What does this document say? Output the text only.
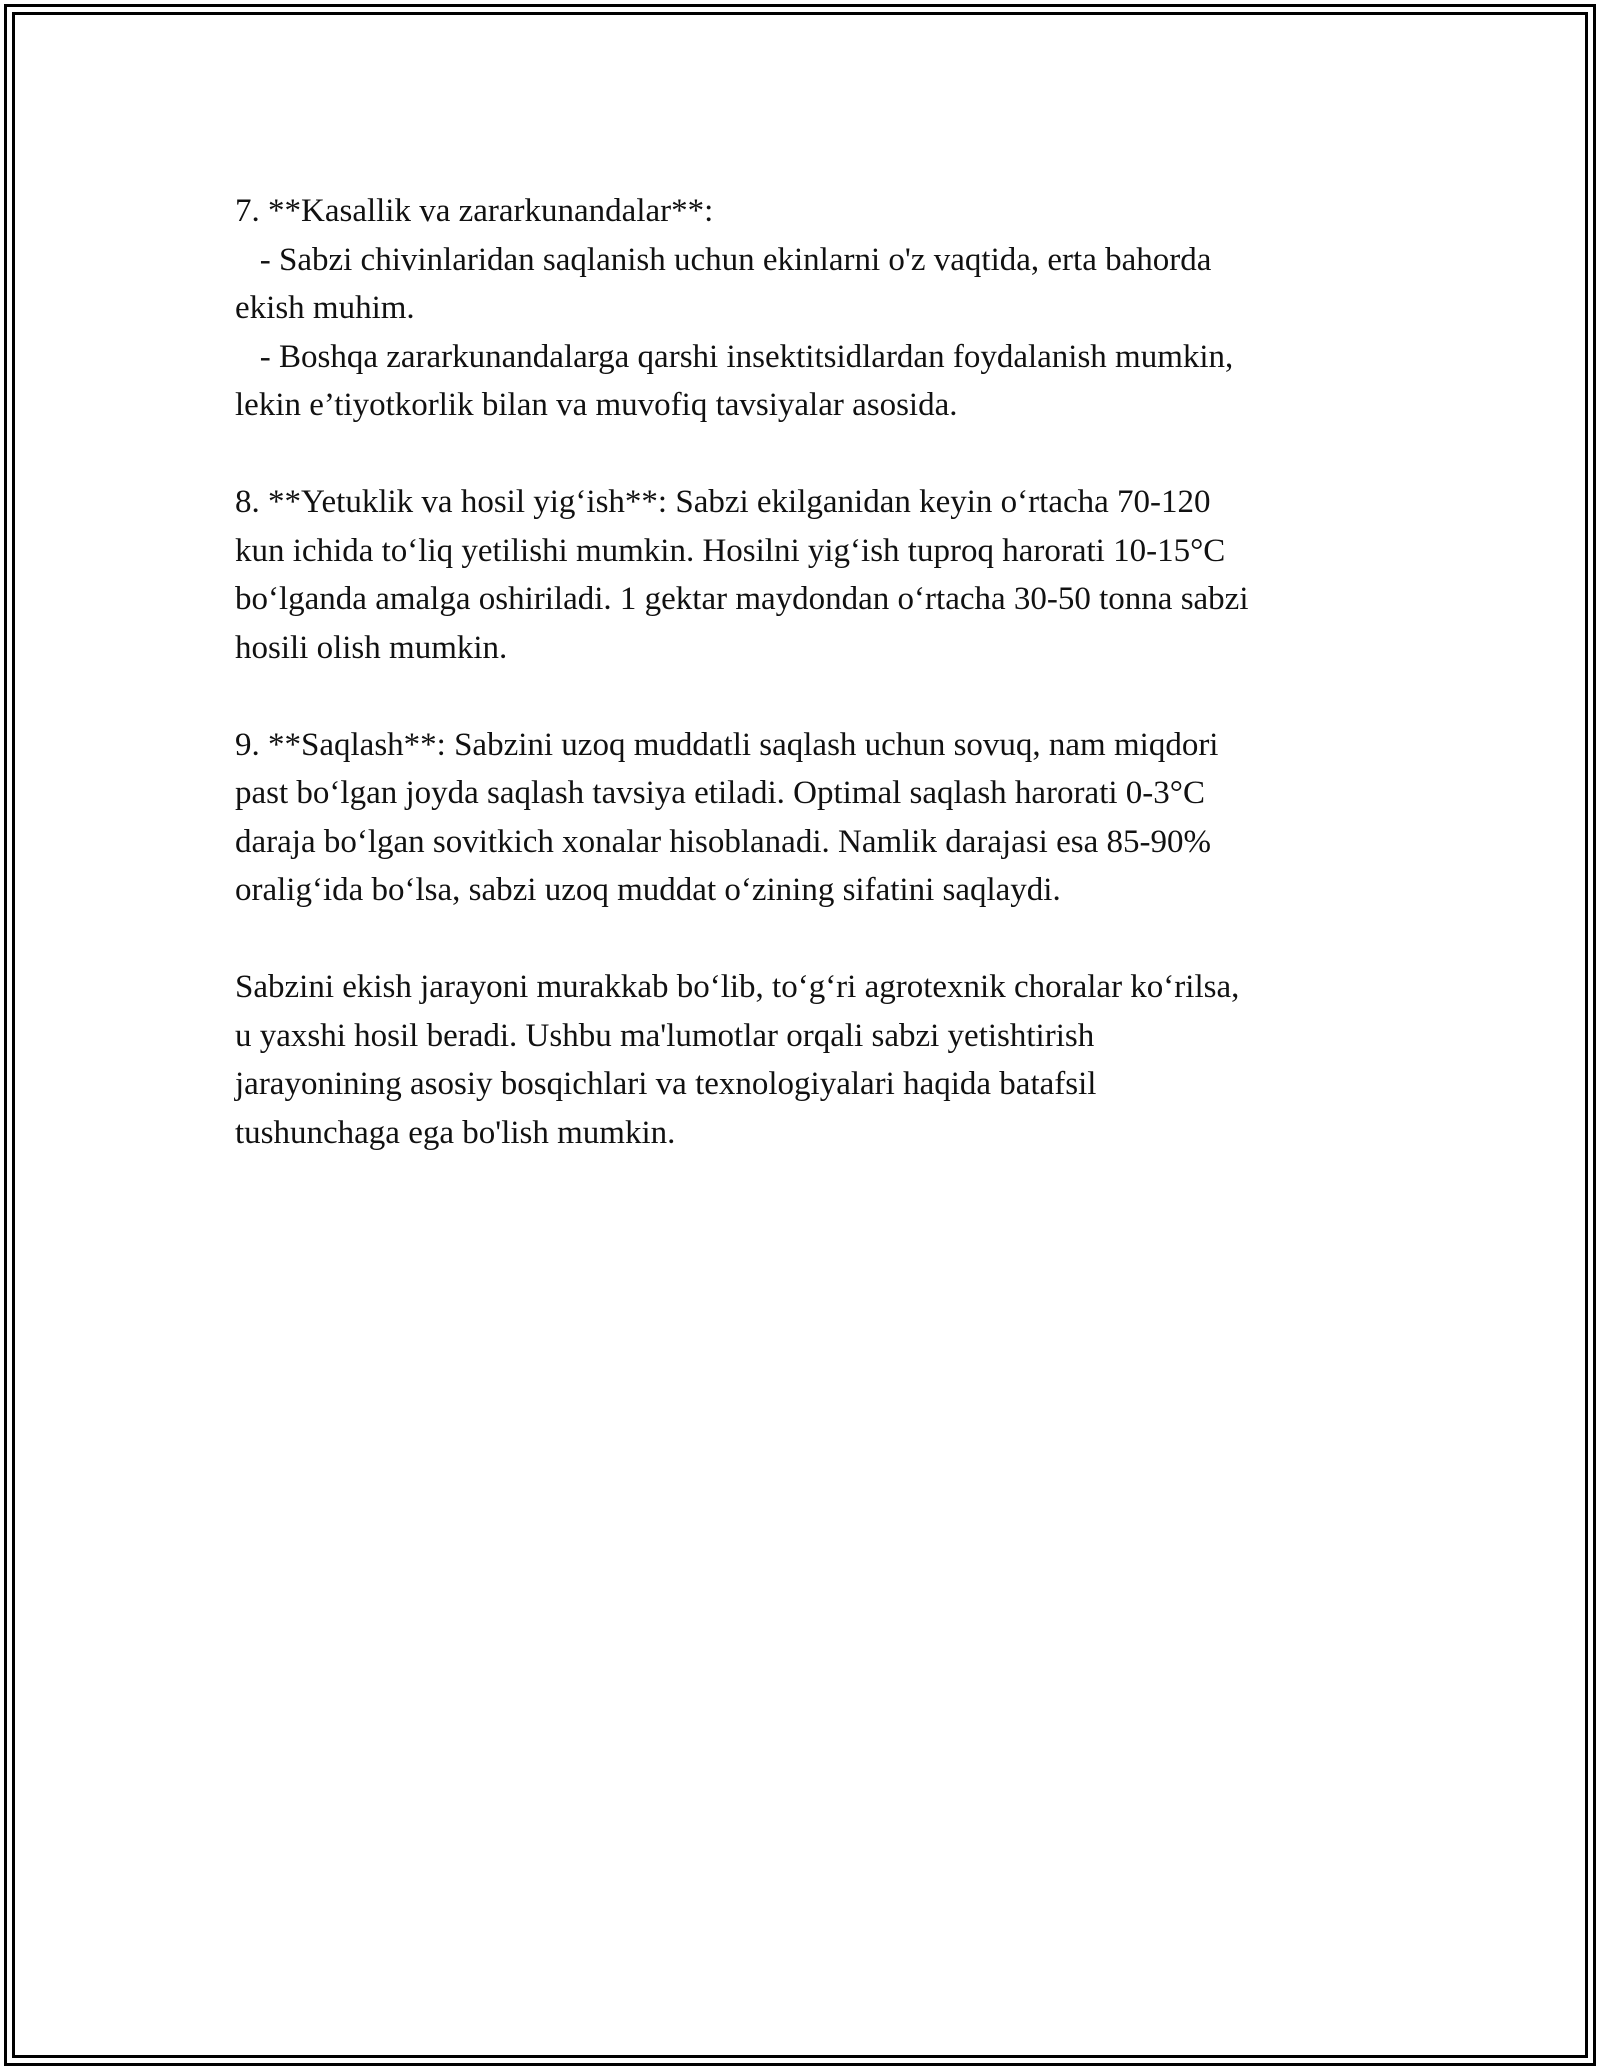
7. **Kasallik va zararkunandalar**:
- Sabzi chivinlaridan saqlanish uchun ekinlarni o'z vaqtida, erta bahorda
ekish muhim.
- Boshqa zararkunandalarga qarshi insektitsidlardan foydalanish mumkin,
lekin e’tiyotkorlik bilan va muvofiq tavsiyalar asosida.
8. **Yetuklik va hosil yig‘ish**: Sabzi ekilganidan keyin o‘rtacha 70-120
kun ichida to‘liq yetilishi mumkin. Hosilni yig‘ish tuproq harorati 10-15°C
bo‘lganda amalga oshiriladi. 1 gektar maydondan o‘rtacha 30-50 tonna sabzi
hosili olish mumkin.
9. **Saqlash**: Sabzini uzoq muddatli saqlash uchun sovuq, nam miqdori
past bo‘lgan joyda saqlash tavsiya etiladi. Optimal saqlash harorati 0-3°C
daraja bo‘lgan sovitkich xonalar hisoblanadi. Namlik darajasi esa 85-90%
oralig‘ida bo‘lsa, sabzi uzoq muddat o‘zining sifatini saqlaydi.
Sabzini ekish jarayoni murakkab bo‘lib, to‘g‘ri agrotexnik choralar ko‘rilsa,
u yaxshi hosil beradi. Ushbu ma'lumotlar orqali sabzi yetishtirish
jarayonining asosiy bosqichlari va texnologiyalari haqida batafsil
tushunchaga ega bo'lish mumkin.
